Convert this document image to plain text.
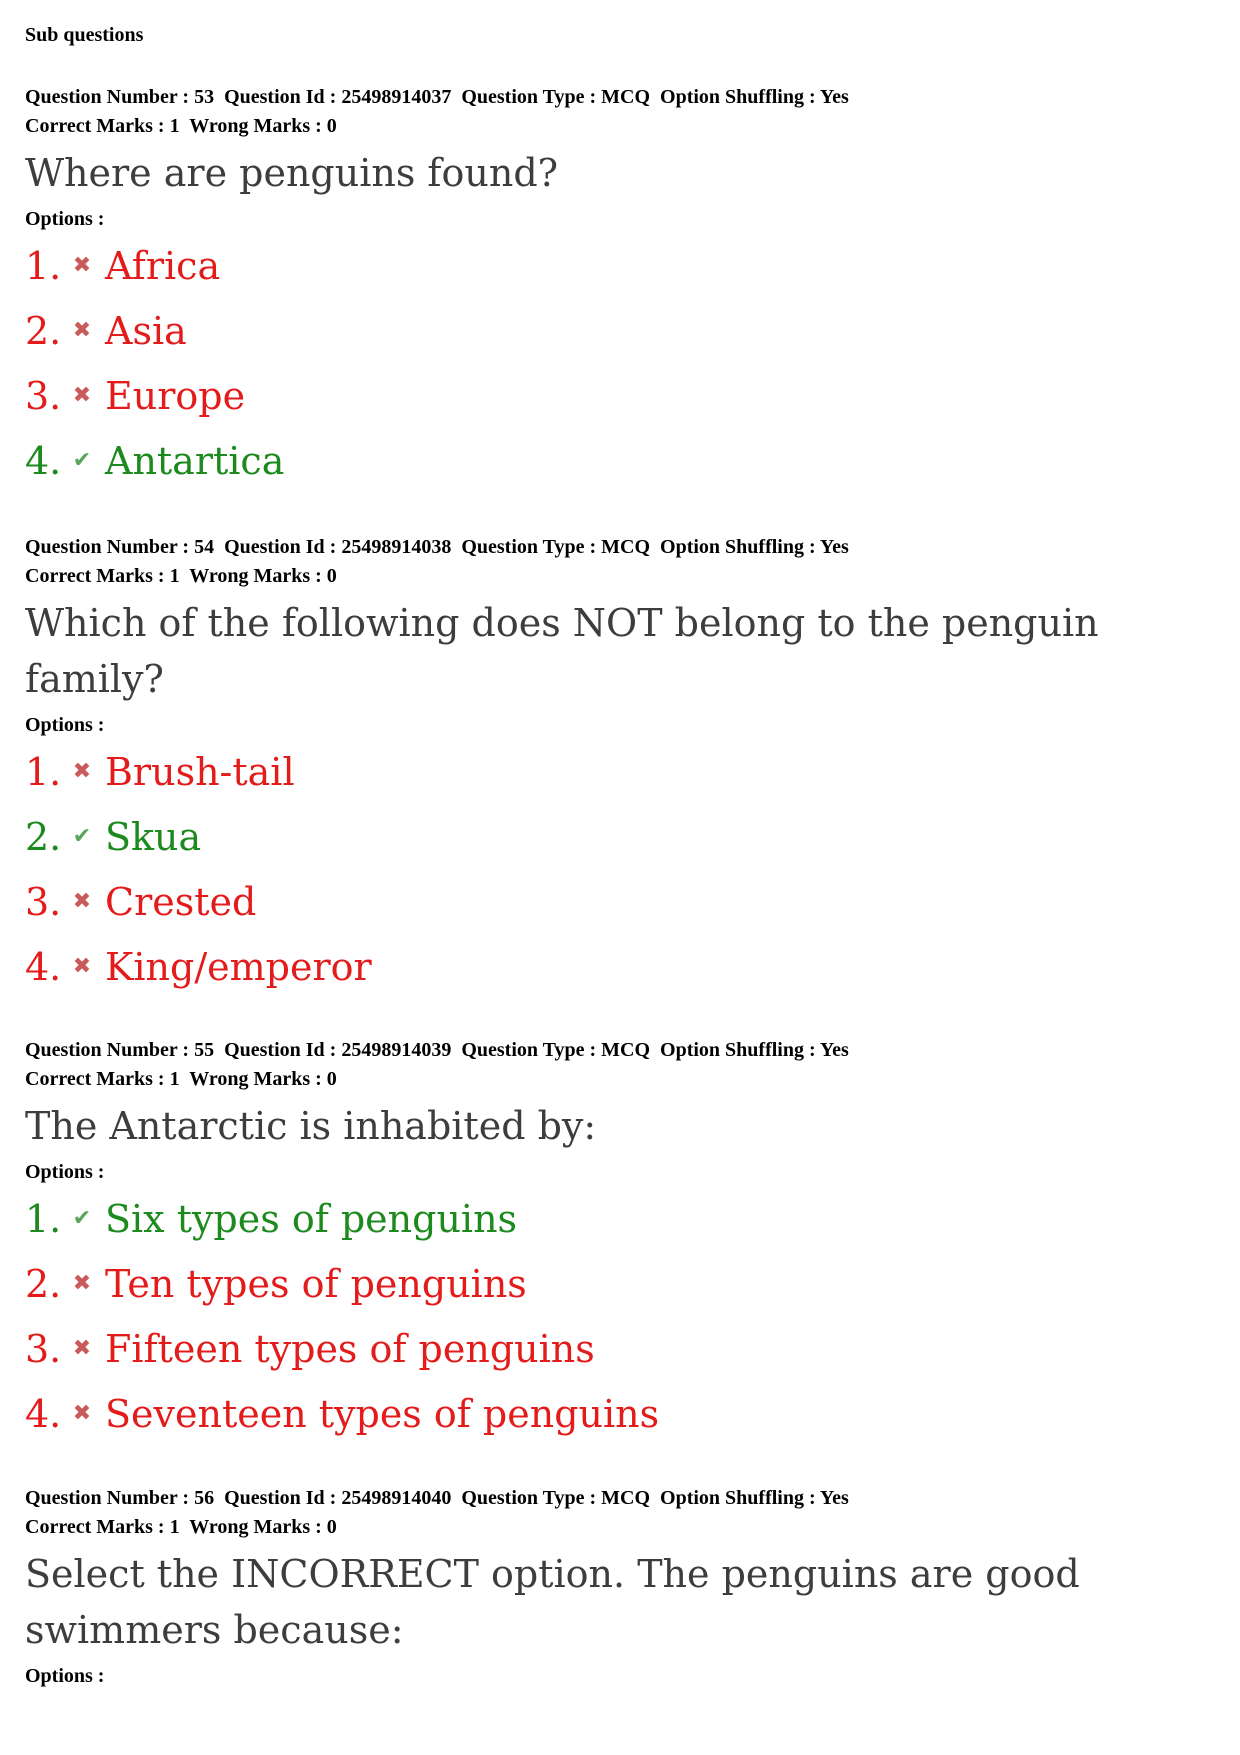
Sub questions
Question Number : 53  Question Id : 25498914037  Question Type : MCQ  Option Shuffling : Yes
Correct Marks : 1  Wrong Marks : 0
Where are penguins found?
Options :
1. ✖ Africa
2. ✖ Asia
3. ✖ Europe
4. ✔ Antartica
Question Number : 54  Question Id : 25498914038  Question Type : MCQ  Option Shuffling : Yes
Correct Marks : 1  Wrong Marks : 0
Which of the following does NOT belong to the penguin family?
Options :
1. ✖ Brush-tail
2. ✔ Skua
3. ✖ Crested
4. ✖ King/emperor
Question Number : 55  Question Id : 25498914039  Question Type : MCQ  Option Shuffling : Yes
Correct Marks : 1  Wrong Marks : 0
The Antarctic is inhabited by:
Options :
1. ✔ Six types of penguins
2. ✖ Ten types of penguins
3. ✖ Fifteen types of penguins
4. ✖ Seventeen types of penguins
Question Number : 56  Question Id : 25498914040  Question Type : MCQ  Option Shuffling : Yes
Correct Marks : 1  Wrong Marks : 0
Select the INCORRECT option. The penguins are good swimmers because:
Options :
